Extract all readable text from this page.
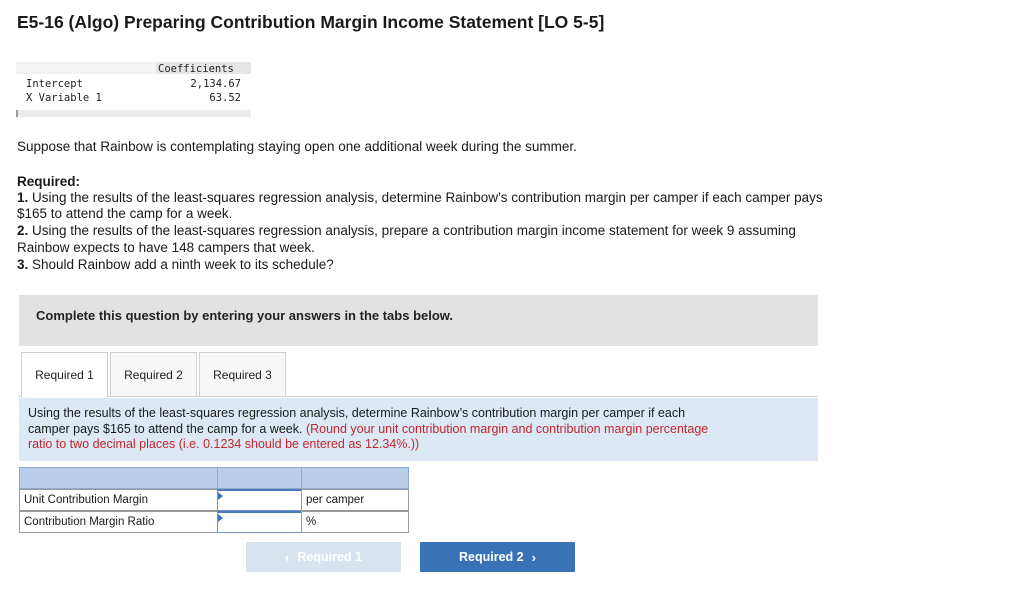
E5-16 (Algo) Preparing Contribution Margin Income Statement [LO 5-5]
Coefficients
Intercept	2,134.67
X Variable 1	63.52
Suppose that Rainbow is contemplating staying open one additional week during the summer.
Required:
1. Using the results of the least-squares regression analysis, determine Rainbow’s contribution margin per camper if each camper pays
$165 to attend the camp for a week.
2. Using the results of the least-squares regression analysis, prepare a contribution margin income statement for week 9 assuming
Rainbow expects to have 148 campers that week.
3. Should Rainbow add a ninth week to its schedule?
Complete this question by entering your answers in the tabs below.
Required 1	Required 2	Required 3
Using the results of the least-squares regression analysis, determine Rainbow’s contribution margin per camper if each
camper pays $165 to attend the camp for a week. (Round your unit contribution margin and contribution margin percentage
ratio to two decimal places (i.e. 0.1234 should be entered as 12.34%.))
Unit Contribution Margin	per camper
Contribution Margin Ratio	%
‹ Required 1	Required 2 ›
